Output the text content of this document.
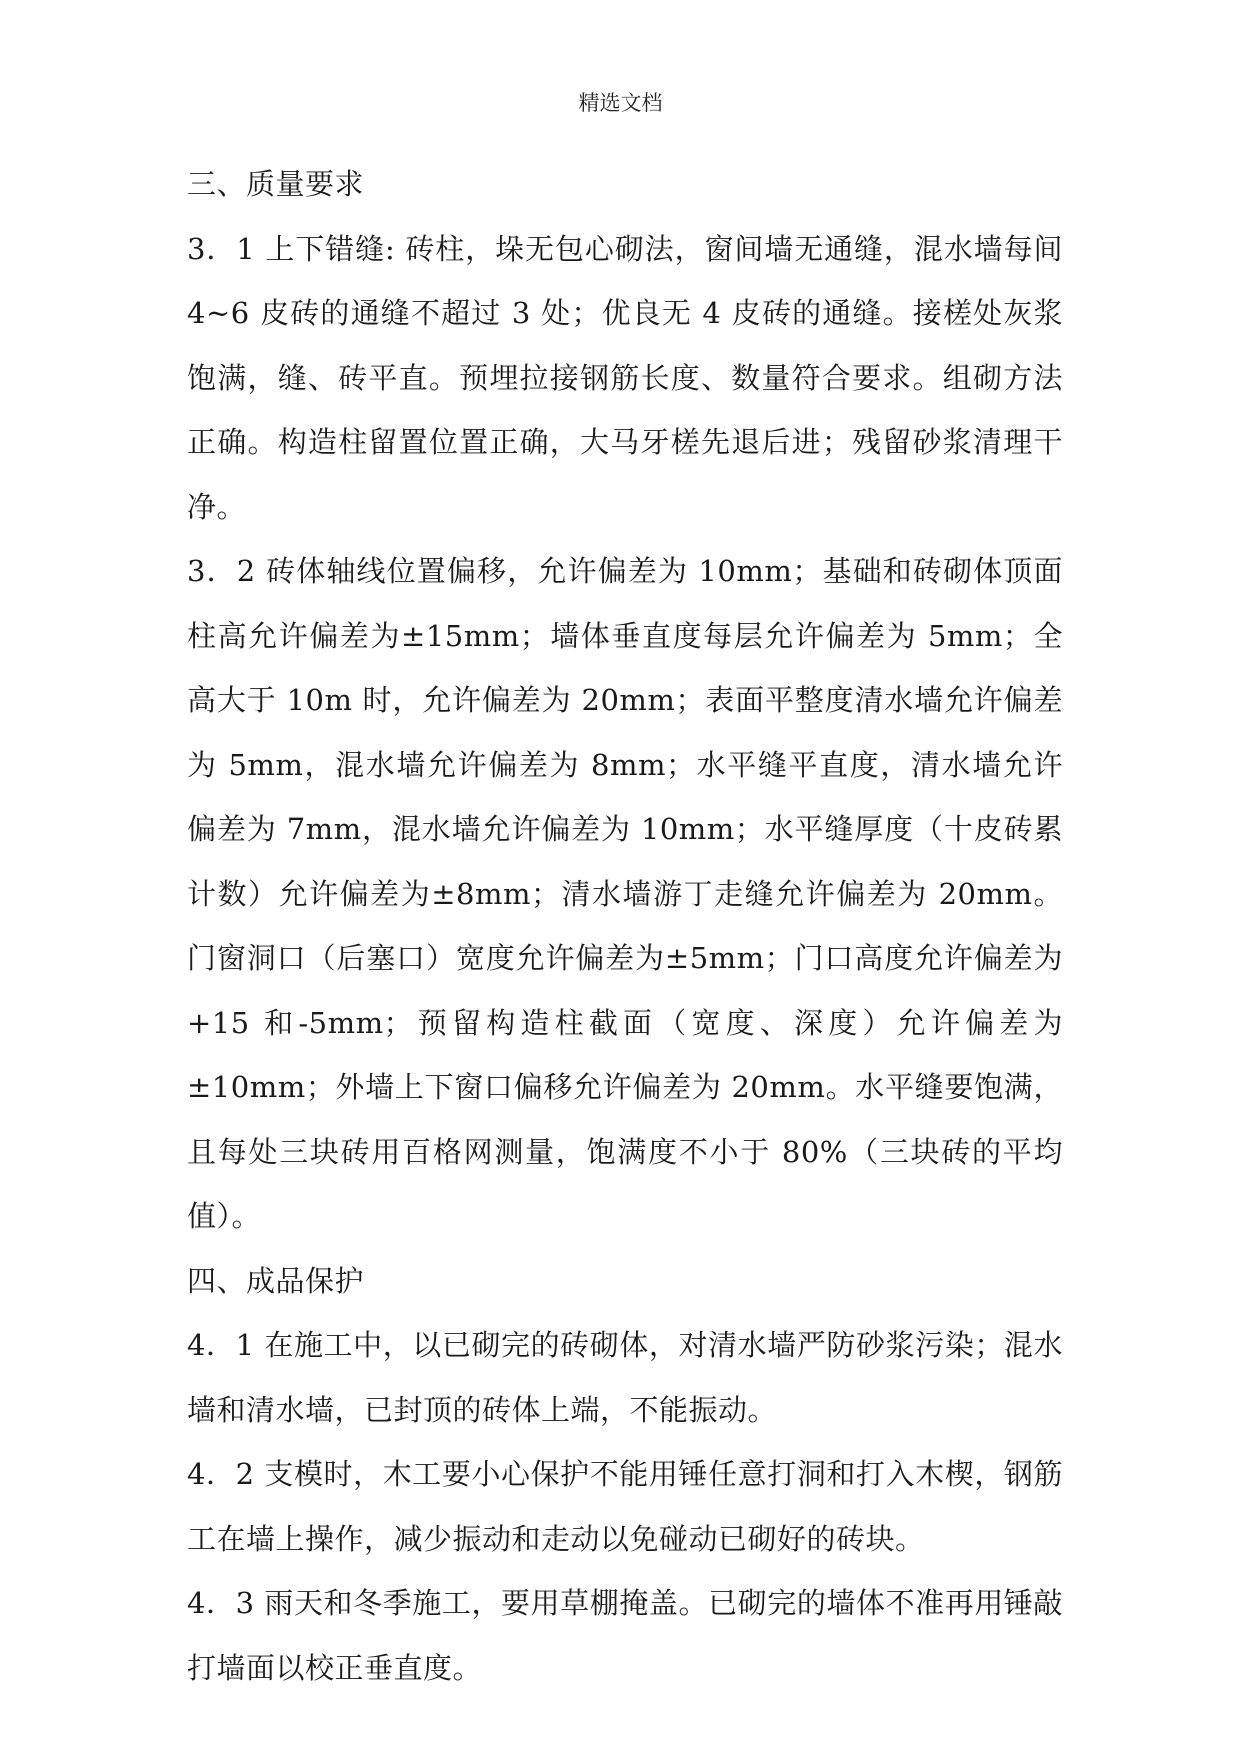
精选文档

三、质量要求

3．1 上下错缝: 砖柱，垛无包心砌法，窗间墙无通缝，混水墙每间 4~6 皮砖的通缝不超过 3 处；优良无 4 皮砖的通缝。接槎处灰浆饱满，缝、砖平直。预埋拉接钢筋长度、数量符合要求。组砌方法正确。构造柱留置位置正确，大马牙槎先退后进；残留砂浆清理干净。

3．2 砖体轴线位置偏移，允许偏差为 10mm；基础和砖砌体顶面柱高允许偏差为±15mm；墙体垂直度每层允许偏差为 5mm；全高大于 10m 时，允许偏差为 20mm；表面平整度清水墙允许偏差为 5mm，混水墙允许偏差为 8mm；水平缝平直度，清水墙允许偏差为 7mm，混水墙允许偏差为 10mm；水平缝厚度（十皮砖累计数）允许偏差为±8mm；清水墙游丁走缝允许偏差为 20mm。门窗洞口（后塞口）宽度允许偏差为±5mm；门口高度允许偏差为+15 和-5mm；预留构造柱截面（宽度、深度）允许偏差为±10mm；外墙上下窗口偏移允许偏差为 20mm。水平缝要饱满，且每处三块砖用百格网测量，饱满度不小于 80%（三块砖的平均值）。

四、成品保护

4．1 在施工中，以已砌完的砖砌体，对清水墙严防砂浆污染；混水墙和清水墙，已封顶的砖体上端，不能振动。

4．2 支模时，木工要小心保护不能用锤任意打洞和打入木楔，钢筋工在墙上操作，减少振动和走动以免碰动已砌好的砖块。

4．3 雨天和冬季施工，要用草棚掩盖。已砌完的墙体不准再用锤敲打墙面以校正垂直度。
